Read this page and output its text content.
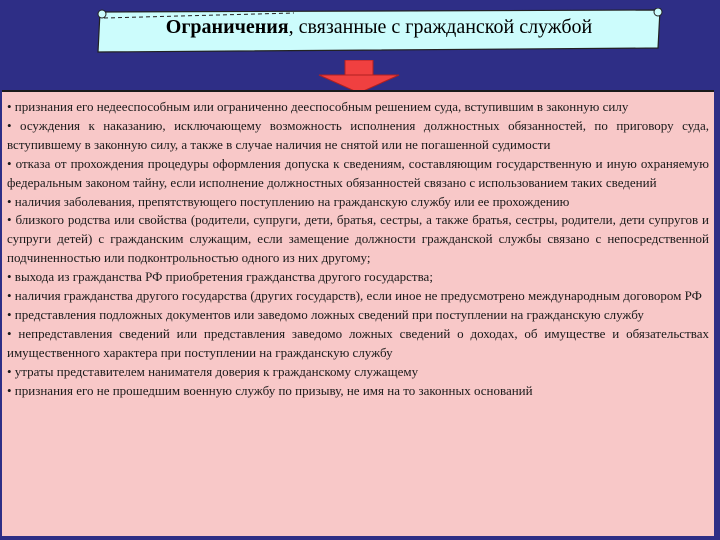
Ограничения, связанные с гражданской службой

• признания его недееспособным или ограниченно дееспособным решением суда, вступившим в законную силу

• осуждения к наказанию, исключающему возможность исполнения должностных обязанностей, по приговору суда, вступившему в законную силу, а также в случае наличия не снятой или не погашенной судимости

• отказа от прохождения процедуры оформления допуска к сведениям, составляющим государственную и иную охраняемую федеральным законом тайну, если исполнение должностных обязанностей связано с использованием таких сведений

• наличия заболевания, препятствующего поступлению на гражданскую службу или ее прохождению

• близкого родства или свойства (родители, супруги, дети, братья, сестры, а также братья, сестры, родители, дети супругов и супруги детей) с гражданским служащим, если замещение должности гражданской службы связано с непосредственной подчиненностью или подконтрольностью одного из них другому;

• выхода из гражданства РФ приобретения гражданства другого государства;

• наличия гражданства другого государства (других государств), если иное не предусмотрено международным договором РФ

• представления подложных документов или заведомо ложных сведений при поступлении на гражданскую службу

• непредставления сведений или представления заведомо ложных сведений о доходах, об имуществе и обязательствах имущественного характера при поступлении на гражданскую службу

• утраты представителем нанимателя доверия к гражданскому служащему

• признания его не прошедшим военную службу по призыву, не имя на то законных оснований
